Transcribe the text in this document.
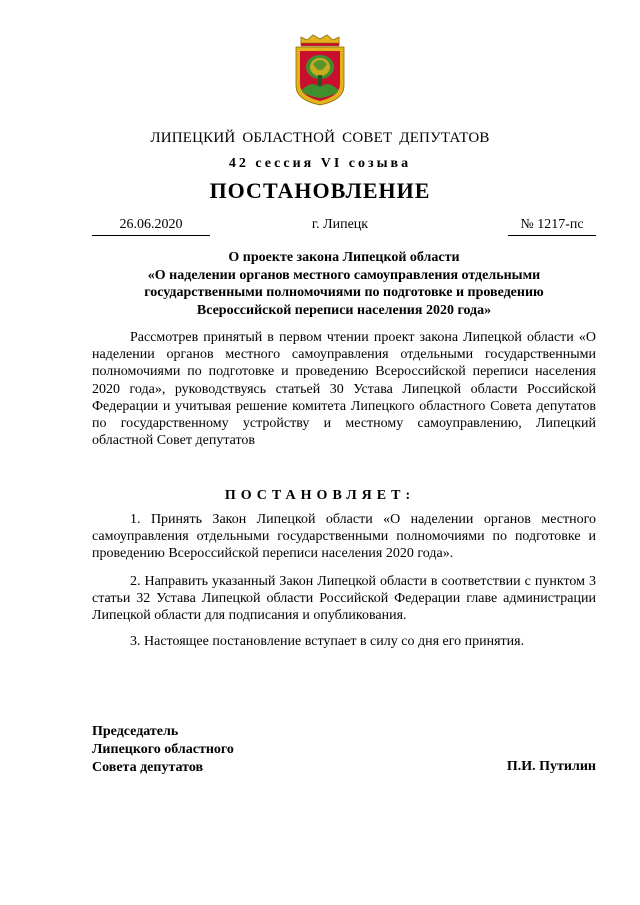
ЛИПЕЦКИЙ ОБЛАСТНОЙ СОВЕТ ДЕПУТАТОВ
42 сессия VI созыва
ПОСТАНОВЛЕНИЕ
26.06.2020	г. Липецк	№ 1217-пс
О проекте закона Липецкой области
«О наделении органов местного самоуправления отдельными
государственными полномочиями по подготовке и проведению
Всероссийской переписи населения 2020 года»
Рассмотрев принятый в первом чтении проект закона Липецкой области «О наделении органов местного самоуправления отдельными государственными полномочиями по подготовке и проведению Всероссийской переписи населения 2020 года», руководствуясь статьей 30 Устава Липецкой области Российской Федерации и учитывая решение комитета Липецкого областного Совета депутатов по государственному устройству и местному самоуправлению, Липецкий областной Совет депутатов
ПОСТАНОВЛЯЕТ:
1. Принять Закон Липецкой области «О наделении органов местного самоуправления отдельными государственными полномочиями по подготовке и проведению Всероссийской переписи населения 2020 года».
2. Направить указанный Закон Липецкой области в соответствии с пунктом 3 статьи 32 Устава Липецкой области Российской Федерации главе администрации Липецкой области для подписания и опубликования.
3. Настоящее постановление вступает в силу со дня его принятия.
Председатель
Липецкого областного
Совета депутатов	П.И. Путилин
